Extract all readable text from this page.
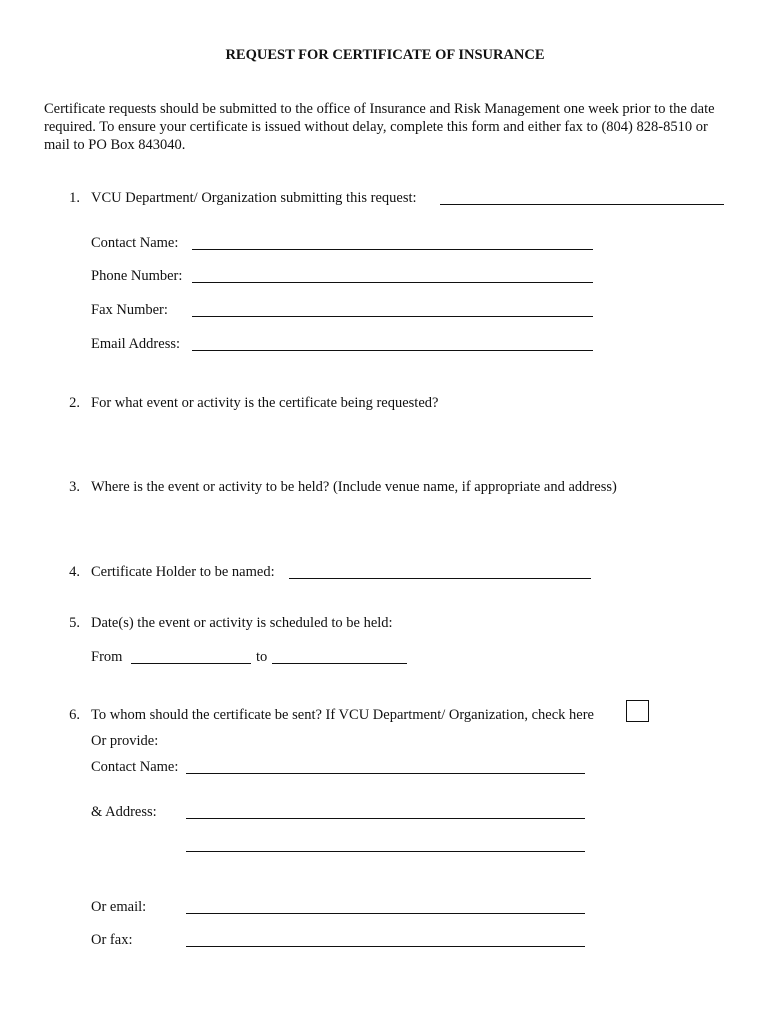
REQUEST FOR CERTIFICATE OF INSURANCE
Certificate requests should be submitted to the office of Insurance and Risk Management one week prior to the date required. To ensure your certificate is issued without delay, complete this form and either fax to (804) 828-8510 or mail to PO Box 843040.
1. VCU Department/ Organization submitting this request:
Contact Name:
Phone Number:
Fax Number:
Email Address:
2. For what event or activity is the certificate being requested?
3. Where is the event or activity to be held? (Include venue name, if appropriate and address)
4. Certificate Holder to be named:
5. Date(s) the event or activity is scheduled to be held:
From	to
6. To whom should the certificate be sent? If VCU Department/ Organization, check here
Or provide:
Contact Name:
& Address:
Or email:
Or fax:
